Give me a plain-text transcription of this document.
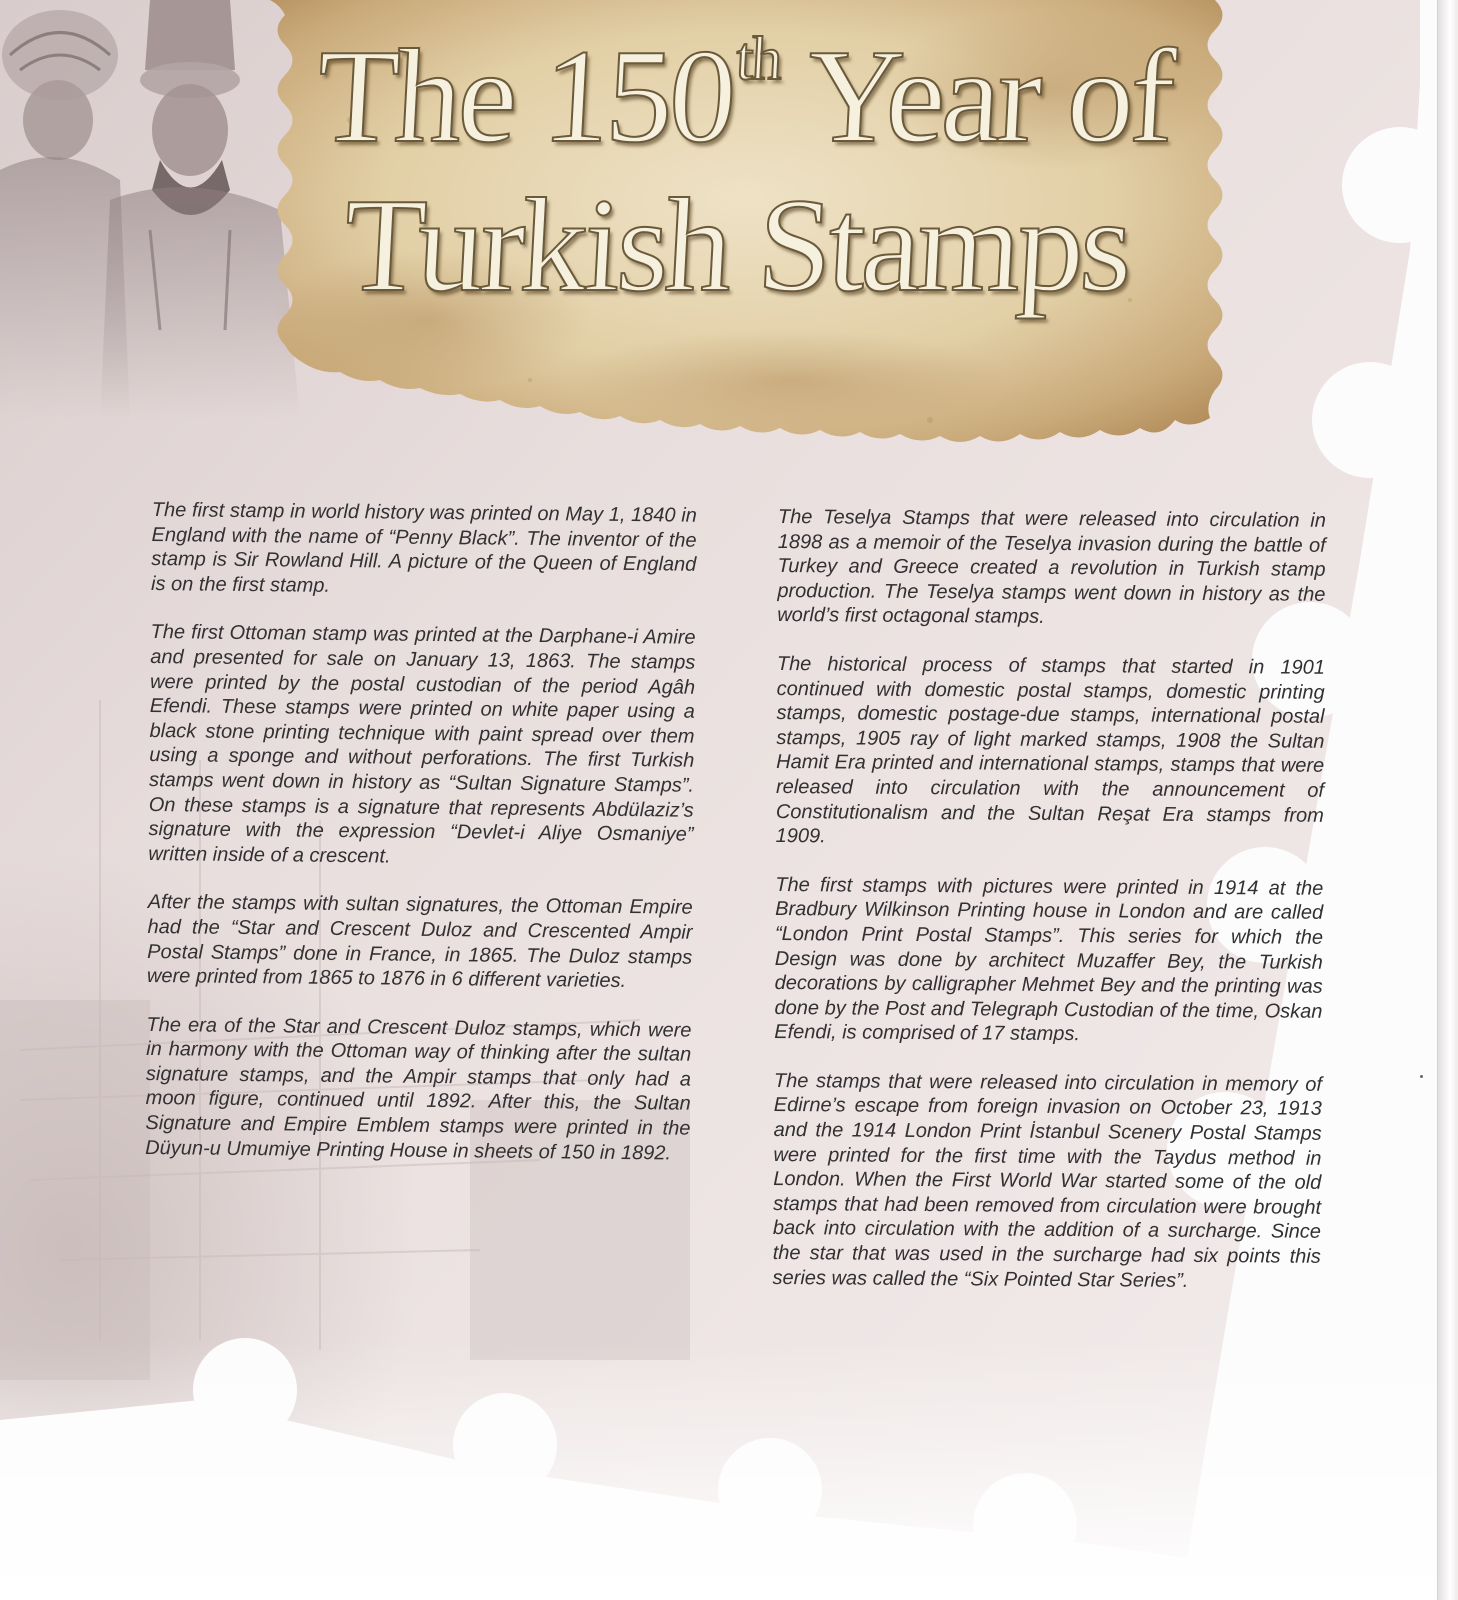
The 150th Year of
Turkish Stamps

The first stamp in world history was printed on May 1, 1840 in England with the name of “Penny Black”. The inventor of the stamp is Sir Rowland Hill. A picture of the Queen of England is on the first stamp.

The first Ottoman stamp was printed at the Darphane-i Amire and presented for sale on January 13, 1863. The stamps were printed by the postal custodian of the period Agâh Efendi. These stamps were printed on white paper using a black stone printing technique with paint spread over them using a sponge and without perforations. The first Turkish stamps went down in history as “Sultan Signature Stamps”. On these stamps is a signature that represents Abdülaziz’s signature with the expression “Devlet-i Aliye Osmaniye” written inside of a crescent.

After the stamps with sultan signatures, the Ottoman Empire had the “Star and Crescent Duloz and Crescented Ampir Postal Stamps” done in France, in 1865. The Duloz stamps were printed from 1865 to 1876 in 6 different varieties.

The era of the Star and Crescent Duloz stamps, which were in harmony with the Ottoman way of thinking after the sultan signature stamps, and the Ampir stamps that only had a moon figure, continued until 1892. After this, the Sultan Signature and Empire Emblem stamps were printed in the Düyun-u Umumiye Printing House in sheets of 150 in 1892.

The Teselya Stamps that were released into circulation in 1898 as a memoir of the Teselya invasion during the battle of Turkey and Greece created a revolution in Turkish stamp production. The Teselya stamps went down in history as the world’s first octagonal stamps.

The historical process of stamps that started in 1901 continued with domestic postal stamps, domestic printing stamps, domestic postage-due stamps, international postal stamps, 1905 ray of light marked stamps, 1908 the Sultan Hamit Era printed and international stamps, stamps that were released into circulation with the announcement of Constitutionalism and the Sultan Reşat Era stamps from 1909.

The first stamps with pictures were printed in 1914 at the Bradbury Wilkinson Printing house in London and are called “London Print Postal Stamps”. This series for which the Design was done by architect Muzaffer Bey, the Turkish decorations by calligrapher Mehmet Bey and the printing was done by the Post and Telegraph Custodian of the time, Oskan Efendi, is comprised of 17 stamps.

The stamps that were released into circulation in memory of Edirne’s escape from foreign invasion on October 23, 1913 and the 1914 London Print İstanbul Scenery Postal Stamps were printed for the first time with the Taydus method in London. When the First World War started some of the old stamps that had been removed from circulation were brought back into circulation with the addition of a surcharge. Since the star that was used in the surcharge had six points this series was called the “Six Pointed Star Series”.
